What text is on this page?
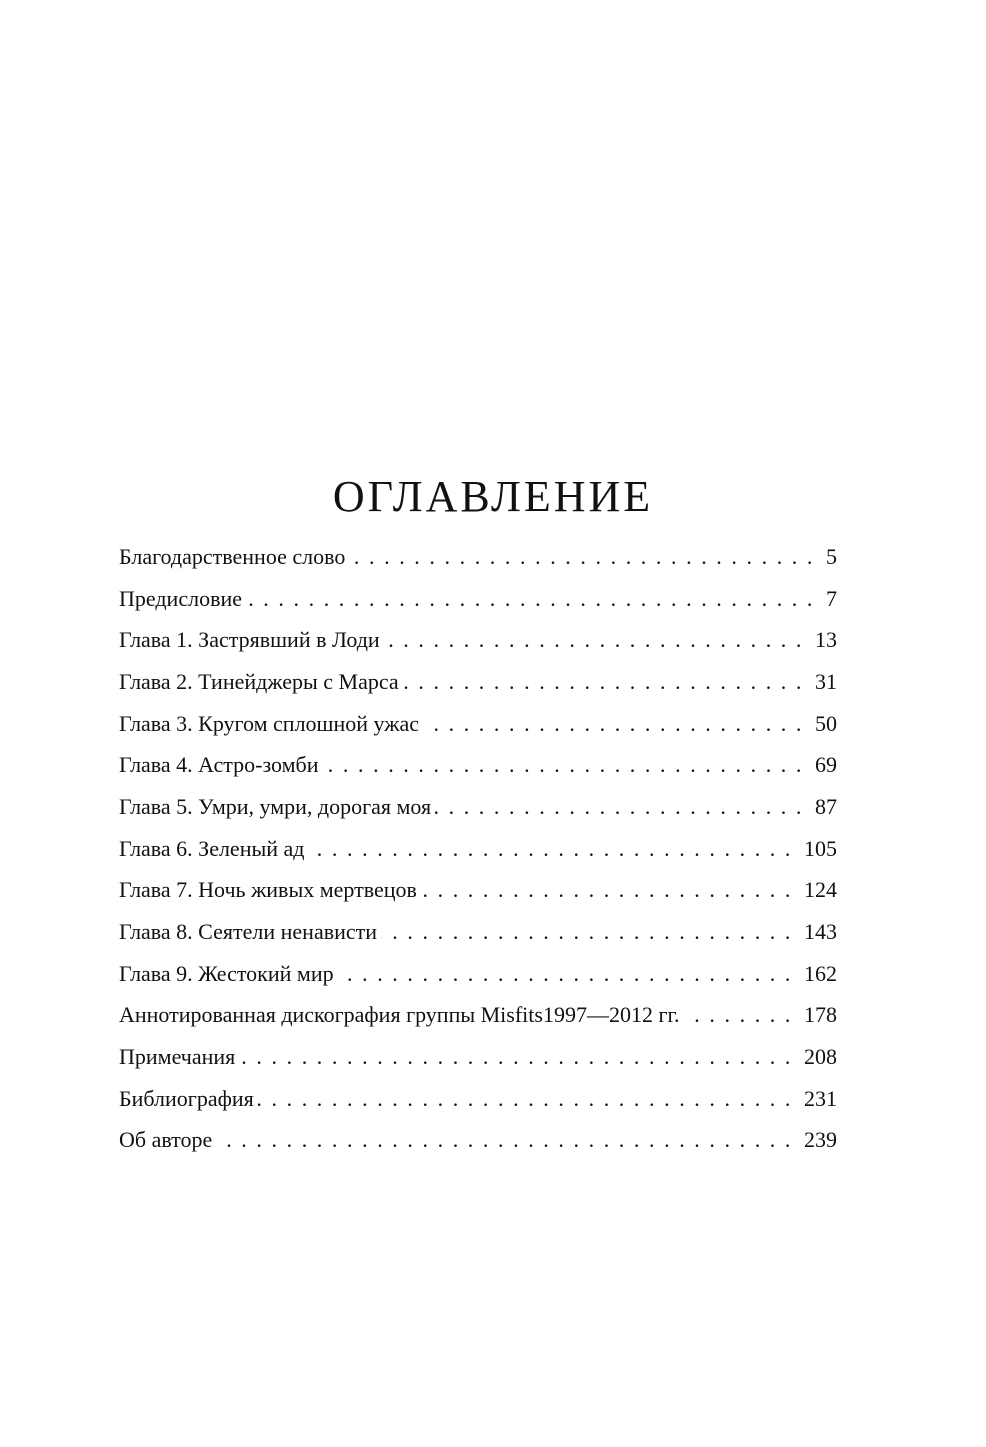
ОГЛАВЛЕНИЕ
Благодарственное слово .....	5
Предисловие .....	7
Глава 1. Застрявший в Лоди .....	13
Глава 2. Тинейджеры с Марса .....	31
Глава 3. Кругом сплошной ужас .....	50
Глава 4. Астро-зомби .....	69
Глава 5. Умри, умри, дорогая моя .....	87
Глава 6. Зеленый ад .....	105
Глава 7. Ночь живых мертвецов .....	124
Глава 8. Сеятели ненависти .....	143
Глава 9. Жестокий мир .....	162
Аннотированная дискография группы Misfits1997—2012 гг. .....	178
Примечания .....	208
Библиография .....	231
Об авторе .....	239
